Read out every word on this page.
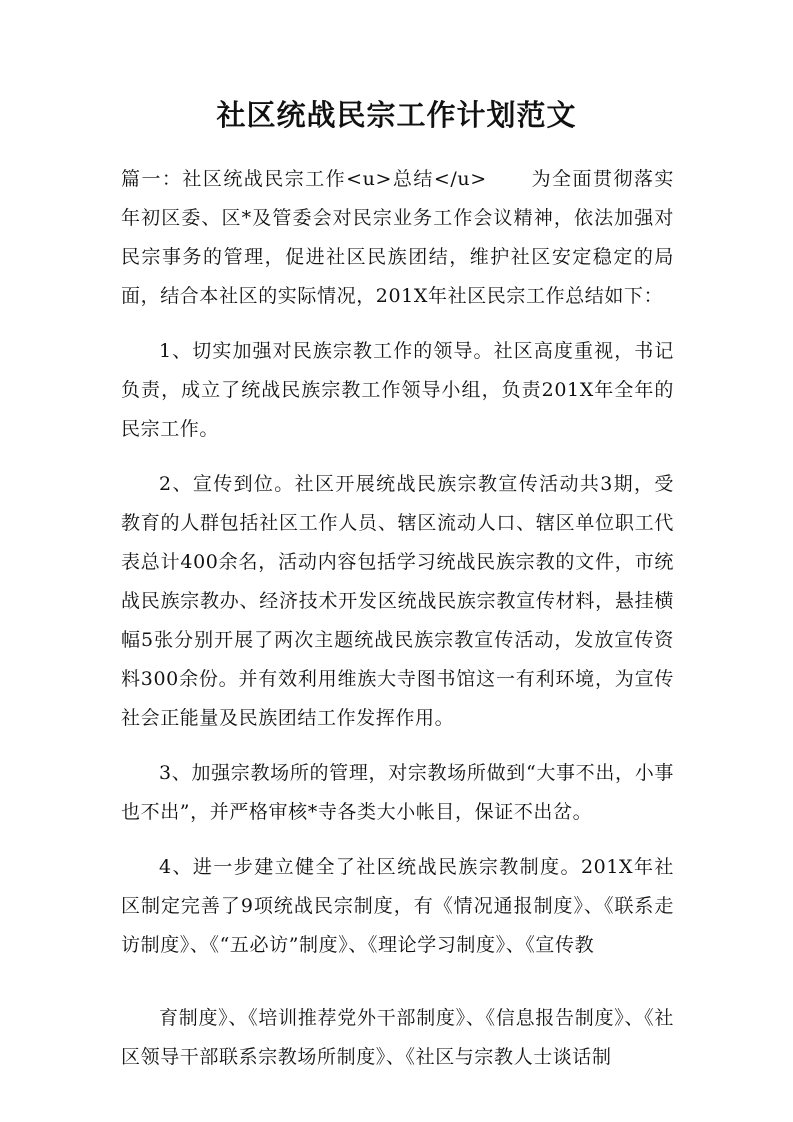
社区统战民宗工作计划范文

篇一：社区统战民宗工作<u>总结</u> 为全面贯彻落实年初区委、区*及管委会对民宗业务工作会议精神，依法加强对民宗事务的管理，促进社区民族团结，维护社区安定稳定的局面，结合本社区的实际情况，201X年社区民宗工作总结如下：

1、切实加强对民族宗教工作的领导。社区高度重视，书记负责，成立了统战民族宗教工作领导小组，负责201X年全年的民宗工作。

2、宣传到位。社区开展统战民族宗教宣传活动共3期，受教育的人群包括社区工作人员、辖区流动人口、辖区单位职工代表总计400余名，活动内容包括学习统战民族宗教的文件，市统战民族宗教办、经济技术开发区统战民族宗教宣传材料，悬挂横幅5张分别开展了两次主题统战民族宗教宣传活动，发放宣传资料300余份。并有效利用维族大寺图书馆这一有利环境，为宣传社会正能量及民族团结工作发挥作用。

3、加强宗教场所的管理，对宗教场所做到“大事不出，小事也不出”，并严格审核*寺各类大小帐目，保证不出岔。

4、进一步建立健全了社区统战民族宗教制度。201X年社区制定完善了9项统战民宗制度，有《情况通报制度》、《联系走访制度》、《“五必访”制度》、《理论学习制度》、《宣传教

育制度》、《培训推荐党外干部制度》、《信息报告制度》、《社区领导干部联系宗教场所制度》、《社区与宗教人士谈话制
